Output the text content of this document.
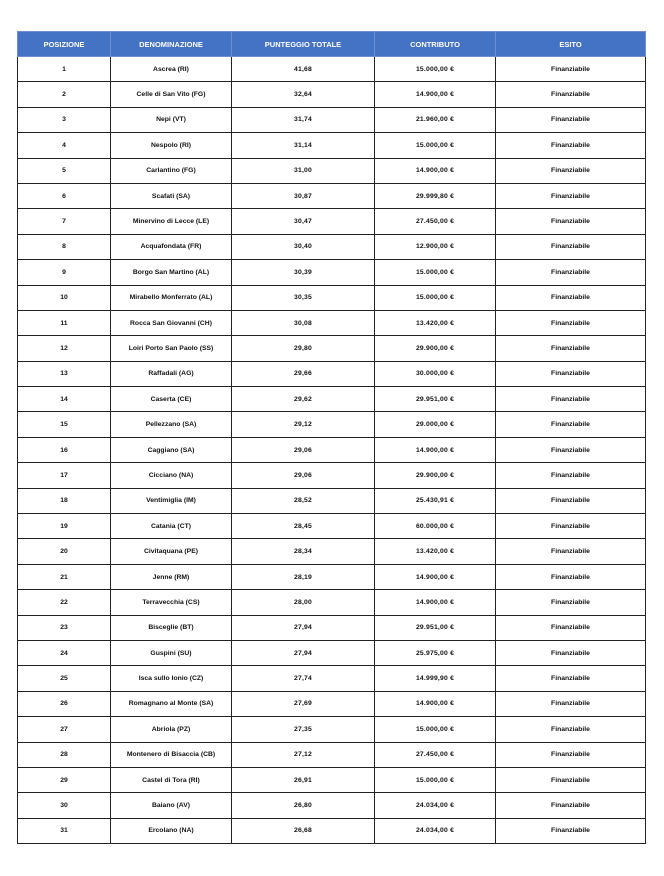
POSIZIONE	DENOMINAZIONE	PUNTEGGIO TOTALE	CONTRIBUTO	ESITO
1	Ascrea (RI)	41,68	15.000,00 €	Finanziabile
2	Celle di San Vito (FG)	32,64	14.900,00 €	Finanziabile
3	Nepi (VT)	31,74	21.960,00 €	Finanziabile
4	Nespolo (RI)	31,14	15.000,00 €	Finanziabile
5	Carlantino (FG)	31,00	14.900,00 €	Finanziabile
6	Scafati (SA)	30,87	29.999,80 €	Finanziabile
7	Minervino di Lecce (LE)	30,47	27.450,00 €	Finanziabile
8	Acquafondata (FR)	30,40	12.900,00 €	Finanziabile
9	Borgo San Martino (AL)	30,39	15.000,00 €	Finanziabile
10	Mirabello Monferrato (AL)	30,35	15.000,00 €	Finanziabile
11	Rocca San Giovanni (CH)	30,08	13.420,00 €	Finanziabile
12	Loiri Porto San Paolo (SS)	29,80	29.900,00 €	Finanziabile
13	Raffadali (AG)	29,66	30.000,00 €	Finanziabile
14	Caserta (CE)	29,62	29.951,00 €	Finanziabile
15	Pellezzano (SA)	29,12	29.000,00 €	Finanziabile
16	Caggiano (SA)	29,06	14.900,00 €	Finanziabile
17	Cicciano (NA)	29,06	29.900,00 €	Finanziabile
18	Ventimiglia (IM)	28,52	25.430,91 €	Finanziabile
19	Catania (CT)	28,45	60.000,00 €	Finanziabile
20	Civitaquana (PE)	28,34	13.420,00 €	Finanziabile
21	Jenne (RM)	28,19	14.900,00 €	Finanziabile
22	Terravecchia (CS)	28,00	14.900,00 €	Finanziabile
23	Bisceglie (BT)	27,94	29.951,00 €	Finanziabile
24	Guspini (SU)	27,94	25.975,00 €	Finanziabile
25	Isca sullo Ionio (CZ)	27,74	14.999,90 €	Finanziabile
26	Romagnano al Monte (SA)	27,69	14.900,00 €	Finanziabile
27	Abriola (PZ)	27,35	15.000,00 €	Finanziabile
28	Montenero di Bisaccia (CB)	27,12	27.450,00 €	Finanziabile
29	Castel di Tora (RI)	26,91	15.000,00 €	Finanziabile
30	Baiano (AV)	26,80	24.034,00 €	Finanziabile
31	Ercolano (NA)	26,68	24.034,00 €	Finanziabile
